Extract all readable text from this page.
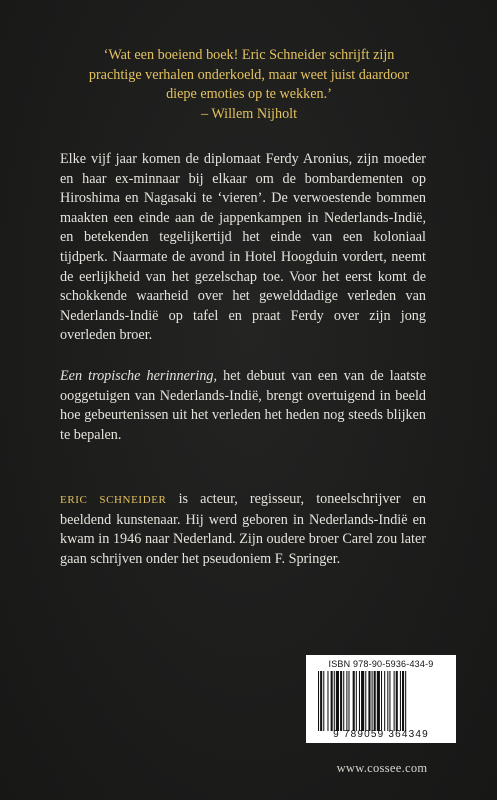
‘Wat een boeiend boek! Eric Schneider schrijft zijn prachtige verhalen onderkoeld, maar weet juist daardoor diepe emoties op te wekken.’

– Willem Nijholt

Elke vijf jaar komen de diplomaat Ferdy Aronius, zijn moeder en haar ex-minnaar bij elkaar om de bombardementen op Hiroshima en Nagasaki te ‘vieren’. De verwoestende bommen maakten een einde aan de jappenkampen in Nederlands-Indië, en betekenden tegelijkertijd het einde van een koloniaal tijdperk. Naarmate de avond in Hotel Hoogduin vordert, neemt de eerlijkheid van het gezelschap toe. Voor het eerst komt de schokkende waarheid over het gewelddadige verleden van Nederlands-Indië op tafel en praat Ferdy over zijn jong overleden broer.

Een tropische herinnering, het debuut van een van de laatste ooggetuigen van Nederlands-Indië, brengt overtuigend in beeld hoe gebeurtenissen uit het verleden het heden nog steeds blijken te bepalen.

ERIC SCHNEIDER is acteur, regisseur, toneelschrijver en beeldend kunstenaar. Hij werd geboren in Nederlands-Indië en kwam in 1946 naar Nederland. Zijn oudere broer Carel zou later gaan schrijven onder het pseudoniem F. Springer.

ISBN 978-90-5936-434-9
9 789059 364349
www.cossee.com
